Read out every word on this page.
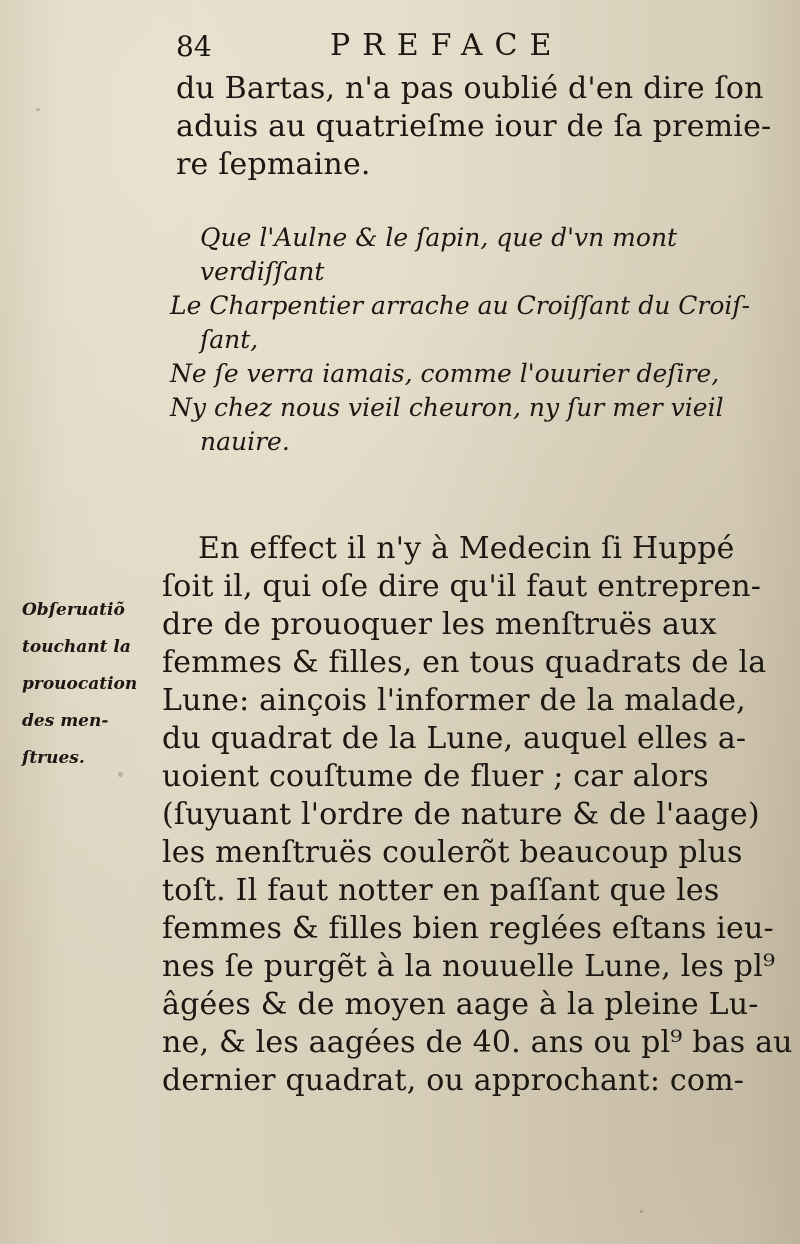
84	PREFACE
du Bartas, n'a pas oublié d'en dire ſon
aduis au quatrieſme iour de ſa premie-
re ſepmaine.
Que l'Aulne & le ſapin, que d'vn mont
verdiſſant
Le Charpentier arrache au Croiſſant du Croiſ-
ſant,
Ne ſe verra iamais, comme l'ouurier deſire,
Ny chez nous vieil cheuron, ny ſur mer vieil
nauire.
Obſeruatiõ
touchant la
prouocation
des men-
ſtrues.
En effect il n'y à Medecin ſi Huppé
ſoit il, qui oſe dire qu'il faut entrepren-
dre de prouoquer les menſtruës aux
femmes & filles, en tous quadrats de la
Lune: ainçois l'informer de la malade,
du quadrat de la Lune, auquel elles a-
uoient couſtume de fluer ; car alors
(ſuyuant l'ordre de nature & de l'aage)
les menſtruës coulerõt beaucoup plus
toſt. Il faut notter en paſſant que les
femmes & filles bien reglées eſtans ieu-
nes ſe purgẽt à la nouuelle Lune, les pl⁹
âgées & de moyen aage à la pleine Lu-
ne, & les aagées de 40. ans ou pl⁹ bas au
dernier quadrat, ou approchant: com-
